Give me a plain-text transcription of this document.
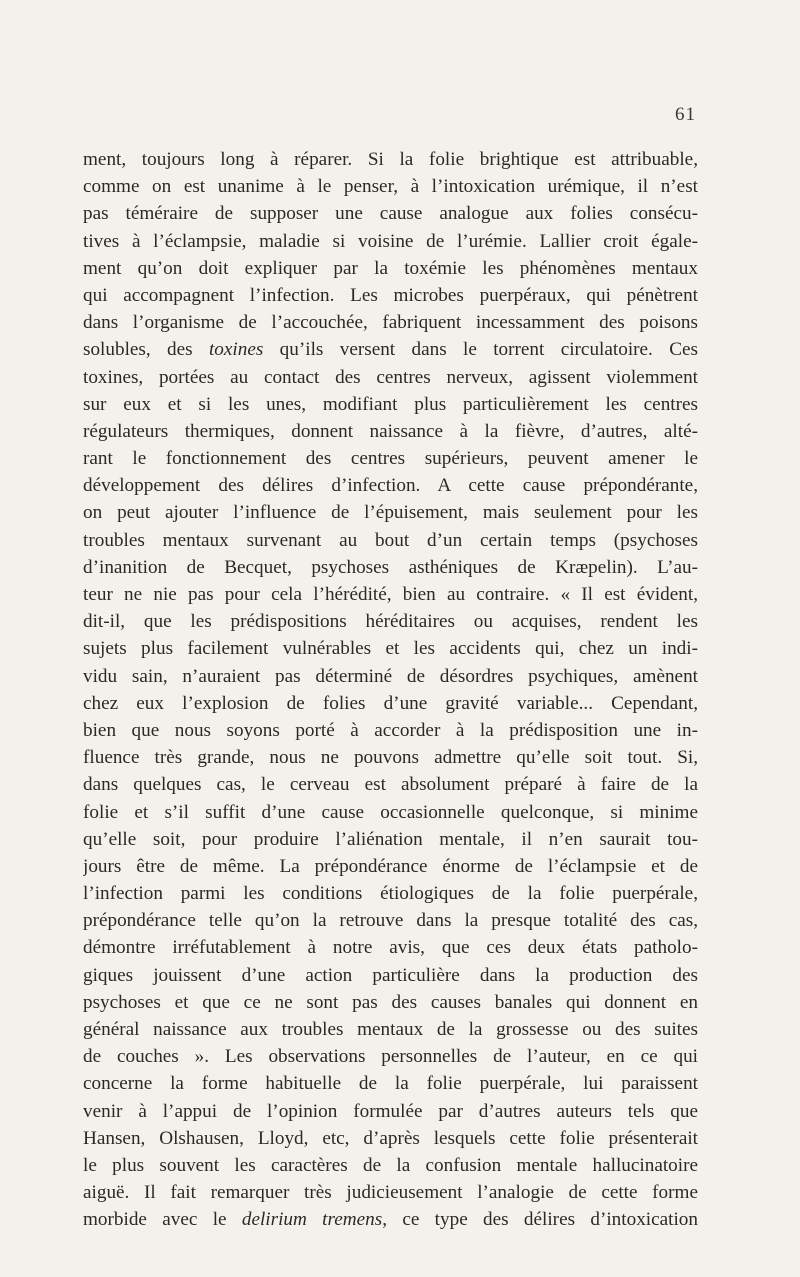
61
ment, toujours long à réparer. Si la folie brightique est attribuable,
comme on est unanime à le penser, à l’intoxication urémique, il n’est
pas téméraire de supposer une cause analogue aux folies consécu-
tives à l’éclampsie, maladie si voisine de l’urémie. Lallier croit égale-
ment qu’on doit expliquer par la toxémie les phénomènes mentaux
qui accompagnent l’infection. Les microbes puerpéraux, qui pénètrent
dans l’organisme de l’accouchée, fabriquent incessamment des poisons
solubles, des toxines qu’ils versent dans le torrent circulatoire. Ces
toxines, portées au contact des centres nerveux, agissent violemment
sur eux et si les unes, modifiant plus particulièrement les centres
régulateurs thermiques, donnent naissance à la fièvre, d’autres, alté-
rant le fonctionnement des centres supérieurs, peuvent amener le
développement des délires d’infection. A cette cause prépondérante,
on peut ajouter l’influence de l’épuisement, mais seulement pour les
troubles mentaux survenant au bout d’un certain temps (psychoses
d’inanition de Becquet, psychoses asthéniques de Kræpelin). L’au-
teur ne nie pas pour cela l’hérédité, bien au contraire. « Il est évident,
dit-il, que les prédispositions héréditaires ou acquises, rendent les
sujets plus facilement vulnérables et les accidents qui, chez un indi-
vidu sain, n’auraient pas déterminé de désordres psychiques, amènent
chez eux l’explosion de folies d’une gravité variable... Cependant,
bien que nous soyons porté à accorder à la prédisposition une in-
fluence très grande, nous ne pouvons admettre qu’elle soit tout. Si,
dans quelques cas, le cerveau est absolument préparé à faire de la
folie et s’il suffit d’une cause occasionnelle quelconque, si minime
qu’elle soit, pour produire l’aliénation mentale, il n’en saurait tou-
jours être de même. La prépondérance énorme de l’éclampsie et de
l’infection parmi les conditions étiologiques de la folie puerpérale,
prépondérance telle qu’on la retrouve dans la presque totalité des cas,
démontre irréfutablement à notre avis, que ces deux états patholo-
giques jouissent d’une action particulière dans la production des
psychoses et que ce ne sont pas des causes banales qui donnent en
général naissance aux troubles mentaux de la grossesse ou des suites
de couches ». Les observations personnelles de l’auteur, en ce qui
concerne la forme habituelle de la folie puerpérale, lui paraissent
venir à l’appui de l’opinion formulée par d’autres auteurs tels que
Hansen, Olshausen, Lloyd, etc, d’après lesquels cette folie présenterait
le plus souvent les caractères de la confusion mentale hallucinatoire
aiguë. Il fait remarquer très judicieusement l’analogie de cette forme
morbide avec le delirium tremens, ce type des délires d’intoxication
